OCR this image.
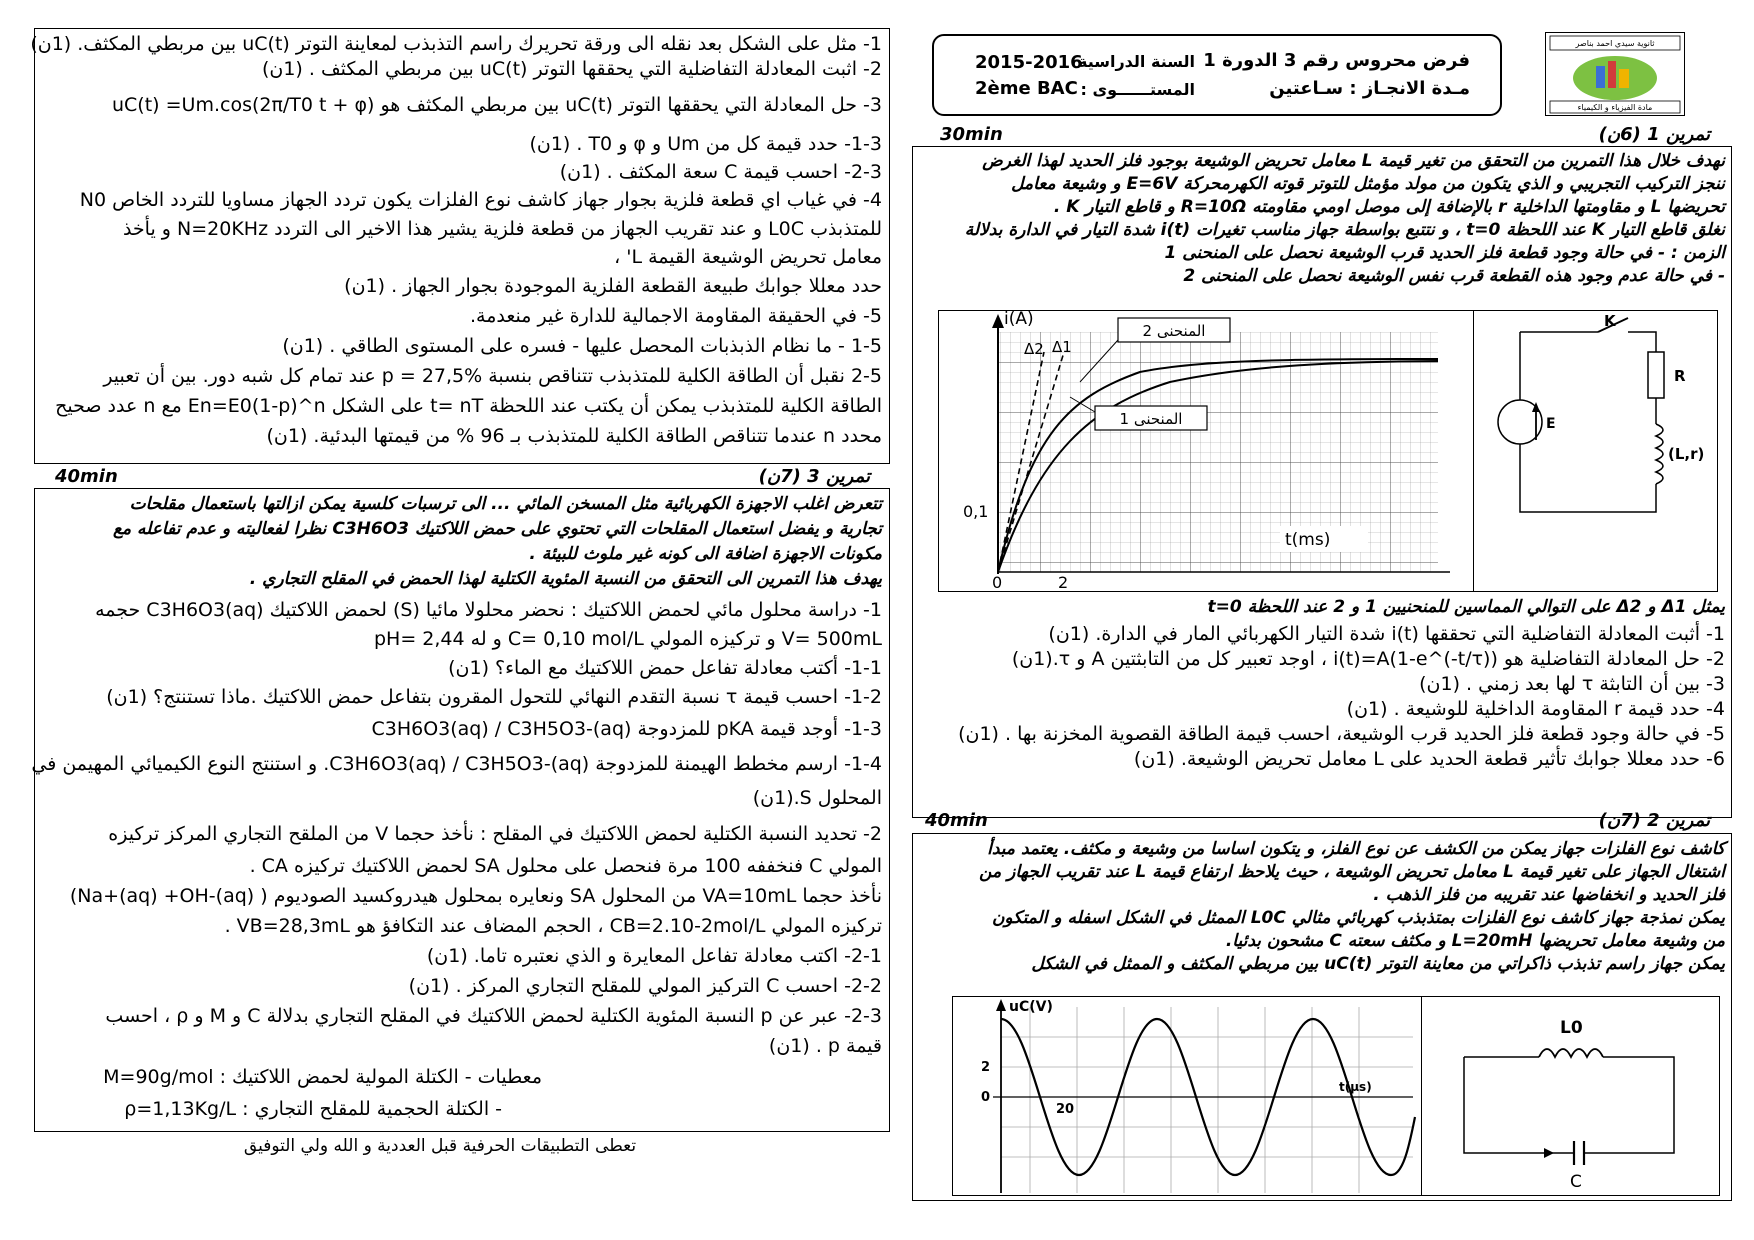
فرض محروس رقم 3 الدورة 1
مـدة الانجـاز : سـاعتين
السنة الدراسية
2015-2016
المستــــــوى :
2ème BAC
ثانوية سيدي احمد بناصر
مادة الفيزياء و الكيمياء
30min	تمرين 1 (6ن)
نهدف خلال هذا التمرين من التحقق من تغير قيمة L معامل تحريض الوشيعة بوجود فلز الحديد لهذا الغرض
ننجز التركيب التجريبي و الذي يتكون من مولد مؤمثل للتوتر قوته الكهرمحركة E=6V و وشيعة معامل
تحريضها L و مقاومتها الداخلية r بالإضافة إلى موصل اومي مقاومته R=10Ω و قاطع التيار K .
نغلق قاطع التيار K عند اللحظة t=0 ، و نتتبع بواسطة جهاز مناسب تغيرات i(t) شدة التيار في الدارة بدلالة
الزمن : - في حالة وجود قطعة فلز الحديد قرب الوشيعة نحصل على المنحنى 1
- في حالة عدم وجود هذه القطعة قرب نفس الوشيعة نحصل على المنحنى 2
i(A)
Δ2 Δ1
المنحنى 2
المنحنى 1
t(ms)
0	2
0,1
K
R
E
(L,r)
يمثل Δ1 و Δ2 على التوالي المماسين للمنحنيين 1 و 2 عند اللحظة t=0
1- أثبت المعادلة التفاضلية التي تحققها i(t) شدة التيار الكهربائي المار في الدارة. (1ن)
2- حل المعادلة التفاضلية هو i(t)=A(1-e^(-t/τ)) ، اوجد تعبير كل من التابثتين A و τ.(1ن)
3- بين أن التابثة τ لها بعد زمني . (1ن)
4- حدد قيمة r المقاومة الداخلية للوشيعة . (1ن)
5- في حالة وجود قطعة فلز الحديد قرب الوشيعة، احسب قيمة الطاقة القصوية المخزنة بها . (1ن)
6- حدد معللا جوابك تأثير قطعة الحديد على L معامل تحريض الوشيعة. (1ن)
40min	تمرين 2 (7ن)
كاشف نوع الفلزات جهاز يمكن من الكشف عن نوع الفلز، و يتكون اساسا من وشيعة و مكثف. يعتمد مبدأ
اشتغال الجهاز على تغير قيمة L معامل تحريض الوشيعة ، حيث يلاحظ ارتفاع قيمة L عند تقريب الجهاز من
فلز الحديد و انخفاضها عند تقريبه من فلز الذهب .
يمكن نمذجة جهاز كاشف نوع الفلزات بمتذبذب كهربائي مثالي L0C الممثل في الشكل اسفله و المتكون
من وشيعة معامل تحريضها L=20mH و مكثف سعته C مشحون بدئيا.
يمكن جهاز راسم تذبذب ذاكراتي من معاينة التوتر uC(t) بين مربطي المكثف و الممثل في الشكل
uC(V)
2
0
20
t(μs)
L0
C
1- مثل على الشكل بعد نقله الى ورقة تحريرك راسم التذبذب لمعاينة التوتر uC(t) بين مربطي المكثف. (1ن)
2- اثبت المعادلة التفاضلية التي يحققها التوتر uC(t) بين مربطي المكثف . (1ن)
3- حل المعادلة التي يحققها التوتر uC(t) بين مربطي المكثف هو uC(t) =Um.cos(2π/T0 t + φ)
1-3- حدد قيمة كل من Um و φ و T0 . (1ن)
2-3- احسب قيمة C سعة المكثف . (1ن)
4- في غياب اي قطعة فلزية بجوار جهاز كاشف نوع الفلزات يكون تردد الجهاز مساويا للتردد الخاص N0
للمتذبذب L0C و عند تقريب الجهاز من قطعة فلزية يشير هذا الاخير الى التردد N=20KHz و يأخذ
معامل تحريض الوشيعة القيمة L' ،
حدد معللا جوابك طبيعة القطعة الفلزية الموجودة بجوار الجهاز . (1ن)
5- في الحقيقة المقاومة الاجمالية للدارة غير منعدمة.
1-5 - ما نظام الذبذبات المحصل عليها - فسره على المستوى الطاقي . (1ن)
2-5 نقبل أن الطاقة الكلية للمتذبذب تتناقص بنسبة p = 27,5% عند تمام كل شبه دور. بين أن تعبير
الطاقة الكلية للمتذبذب يمكن أن يكتب عند اللحظة t= nT على الشكل En=E0(1-p)^n مع n عدد صحيح
محدد n عندما تتناقص الطاقة الكلية للمتذبذب بـ 96 % من قيمتها البدئية. (1ن)
40min	تمرين 3 (7ن)
تتعرض اغلب الاجهزة الكهربائية مثل المسخن المائي ... الى ترسبات كلسية يمكن ازالتها باستعمال مقلحات
تجارية و يفضل استعمال المقلحات التي تحتوي على حمض اللاكتيك C3H6O3 نظرا لفعاليته و عدم تفاعله مع
مكونات الاجهزة اضافة الى كونه غير ملوث للبيئة .
يهدف هذا التمرين الى التحقق من النسبة المئوية الكتلية لهذا الحمض في المقلح التجاري .
1- دراسة محلول مائي لحمض اللاكتيك : نحضر محلولا مائيا (S) لحمض اللاكتيك C3H6O3(aq) حجمه
V= 500mL و تركيزه المولي C= 0,10 mol/L و له pH= 2,44
1-1- أكتب معادلة تفاعل حمض اللاكتيك مع الماء؟ (1ن)
1-2- احسب قيمة τ نسبة التقدم النهائي للتحول المقرون بتفاعل حمض اللاكتيك .ماذا تستنتج؟ (1ن)
1-3- أوجد قيمة pKA للمزدوجة C3H6O3(aq) / C3H5O3-(aq)
1-4- ارسم مخطط الهيمنة للمزدوجة C3H6O3(aq) / C3H5O3-(aq). و استنتج النوع الكيميائي المهيمن في
المحلول S.(1ن)
2- تحديد النسبة الكتلية لحمض اللاكتيك في المقلح : نأخذ حجما V من الملقح التجاري المركز تركيزه
المولي C فنخففه 100 مرة فنحصل على محلول SA لحمض اللاكتيك تركيزه CA .
نأخذ حجما VA=10mL من المحلول SA ونعايره بمحلول هيدروكسيد الصوديوم ( Na+(aq) +OH-(aq))
تركيزه المولي CB=2.10-2mol/L ، الحجم المضاف عند التكافؤ هو VB=28,3mL .
2-1- اكتب معادلة تفاعل المعايرة و الذي نعتبره تاما. (1ن)
2-2- احسب C التركيز المولي للمقلح التجاري المركز . (1ن)
2-3- عبر عن p النسبة المئوية الكتلية لحمض اللاكتيك في المقلح التجاري بدلالة C و M و ρ ، احسب
قيمة p . (1ن)
معطيات - الكتلة المولية لحمض اللاكتيك : M=90g/mol
- الكتلة الحجمية للمقلح التجاري : ρ=1,13Kg/L
تعطى التطبيقات الحرفية قبل العددية و الله ولي التوفيق
